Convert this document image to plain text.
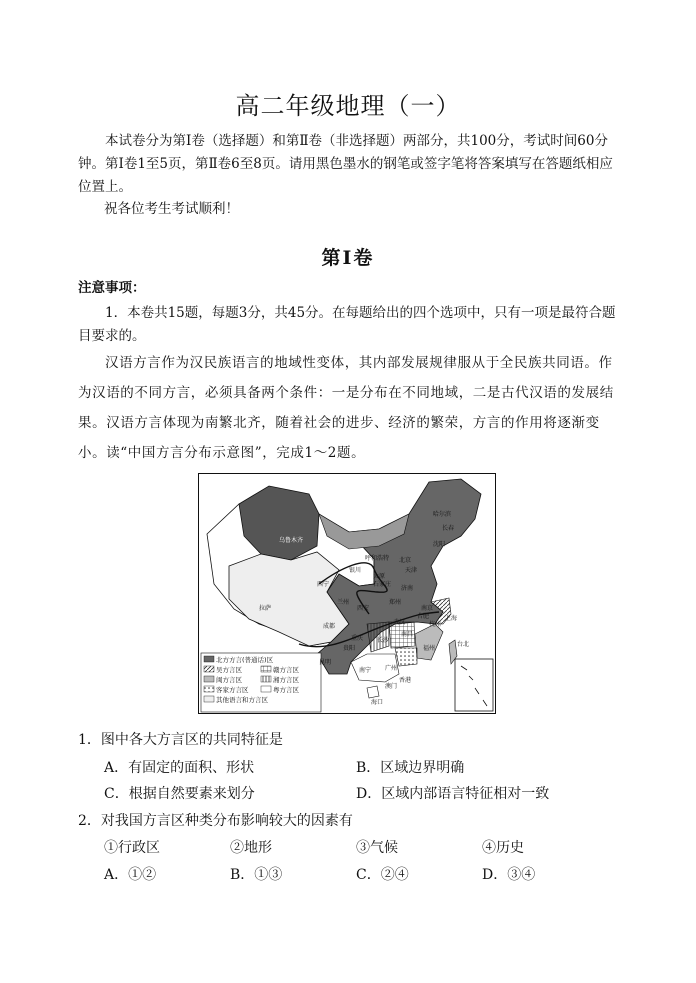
高二年级地理（一）
本试卷分为第Ⅰ卷（选择题）和第Ⅱ卷（非选择题）两部分，共100分，考试时间60分钟。第Ⅰ卷1至5页，第Ⅱ卷6至8页。请用黑色墨水的钢笔或签字笔将答案填写在答题纸相应位置上。
祝各位考生考试顺利！
第Ⅰ卷
注意事项：
1．本卷共15题，每题3分，共45分。在每题给出的四个选项中，只有一项是最符合题目要求的。
汉语方言作为汉民族语言的地域性变体，其内部发展规律服从于全民族共同语。作为汉语的不同方言，必须具备两个条件：一是分布在不同地域，二是古代汉语的发展结果。汉语方言体现为南繁北齐，随着社会的进步、经济的繁荣，方言的作用将逐渐变小。读“中国方言分布示意图”，完成1～2题。
北方方言(普通话)区
吴方言区	赣方言区
闽方言区	湘方言区
客家方言区	粤方言区
其他语言和方言区
哈尔滨
长春
沈阳
乌鲁木齐
呼和浩特 北京
天津
银川
太原
石家庄
济南
西宁
兰州
西安
郑州
南京
上海
合肥
武汉
拉萨
成都
重庆 长沙
南昌
杭州
贵阳	福州
台北
昆明
南宁 广州
香港
澳门
海口
1．图中各大方言区的共同特征是
A．有固定的面积、形状	B．区域边界明确
C．根据自然要素来划分	D．区域内部语言特征相对一致
2．对我国方言区种类分布影响较大的因素有
①行政区	②地形	③气候	④历史
A．①②	B．①③	C．②④	D．③④
